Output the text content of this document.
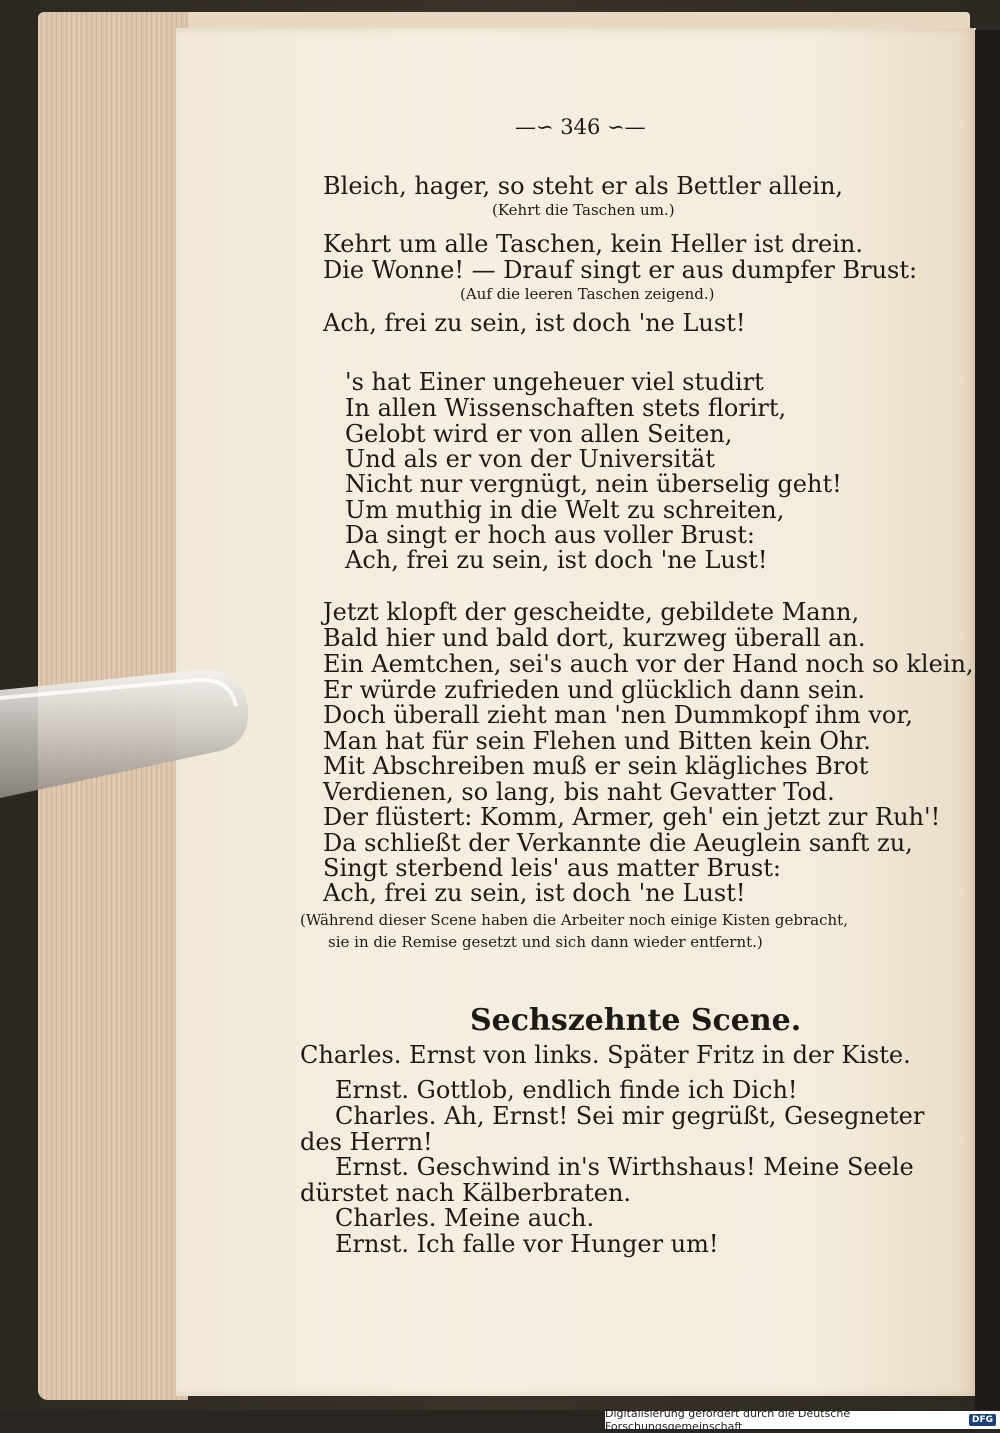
—∽ 346 ∽—
Bleich, hager, so steht er als Bettler allein,
(Kehrt die Taschen um.)
Kehrt um alle Taschen, kein Heller ist drein.
Die Wonne! — Drauf singt er aus dumpfer Brust:
(Auf die leeren Taschen zeigend.)
Ach, frei zu sein, ist doch 'ne Lust!
's hat Einer ungeheuer viel studirt
In allen Wissenschaften stets florirt,
Gelobt wird er von allen Seiten,
Und als er von der Universität
Nicht nur vergnügt, nein überselig geht!
Um muthig in die Welt zu schreiten,
Da singt er hoch aus voller Brust:
Ach, frei zu sein, ist doch 'ne Lust!
Jetzt klopft der gescheidte, gebildete Mann,
Bald hier und bald dort, kurzweg überall an.
Ein Aemtchen, sei's auch vor der Hand noch so klein,
Er würde zufrieden und glücklich dann sein.
Doch überall zieht man 'nen Dummkopf ihm vor,
Man hat für sein Flehen und Bitten kein Ohr.
Mit Abschreiben muß er sein klägliches Brot
Verdienen, so lang, bis naht Gevatter Tod.
Der flüstert: Komm, Armer, geh' ein jetzt zur Ruh'!
Da schließt der Verkannte die Aeuglein sanft zu,
Singt sterbend leis' aus matter Brust:
Ach, frei zu sein, ist doch 'ne Lust!
(Während dieser Scene haben die Arbeiter noch einige Kisten gebracht,
sie in die Remise gesetzt und sich dann wieder entfernt.)
Sechszehnte Scene.
Charles. Ernst von links. Später Fritz in der Kiste.
Ernst. Gottlob, endlich finde ich Dich!
Charles. Ah, Ernst! Sei mir gegrüßt, Gesegneter
des Herrn!
Ernst. Geschwind in's Wirthshaus! Meine Seele
dürstet nach Kälberbraten.
Charles. Meine auch.
Ernst. Ich falle vor Hunger um!
Digitalisierung gefördert durch die Deutsche Forschungsgemeinschaft	DFG
